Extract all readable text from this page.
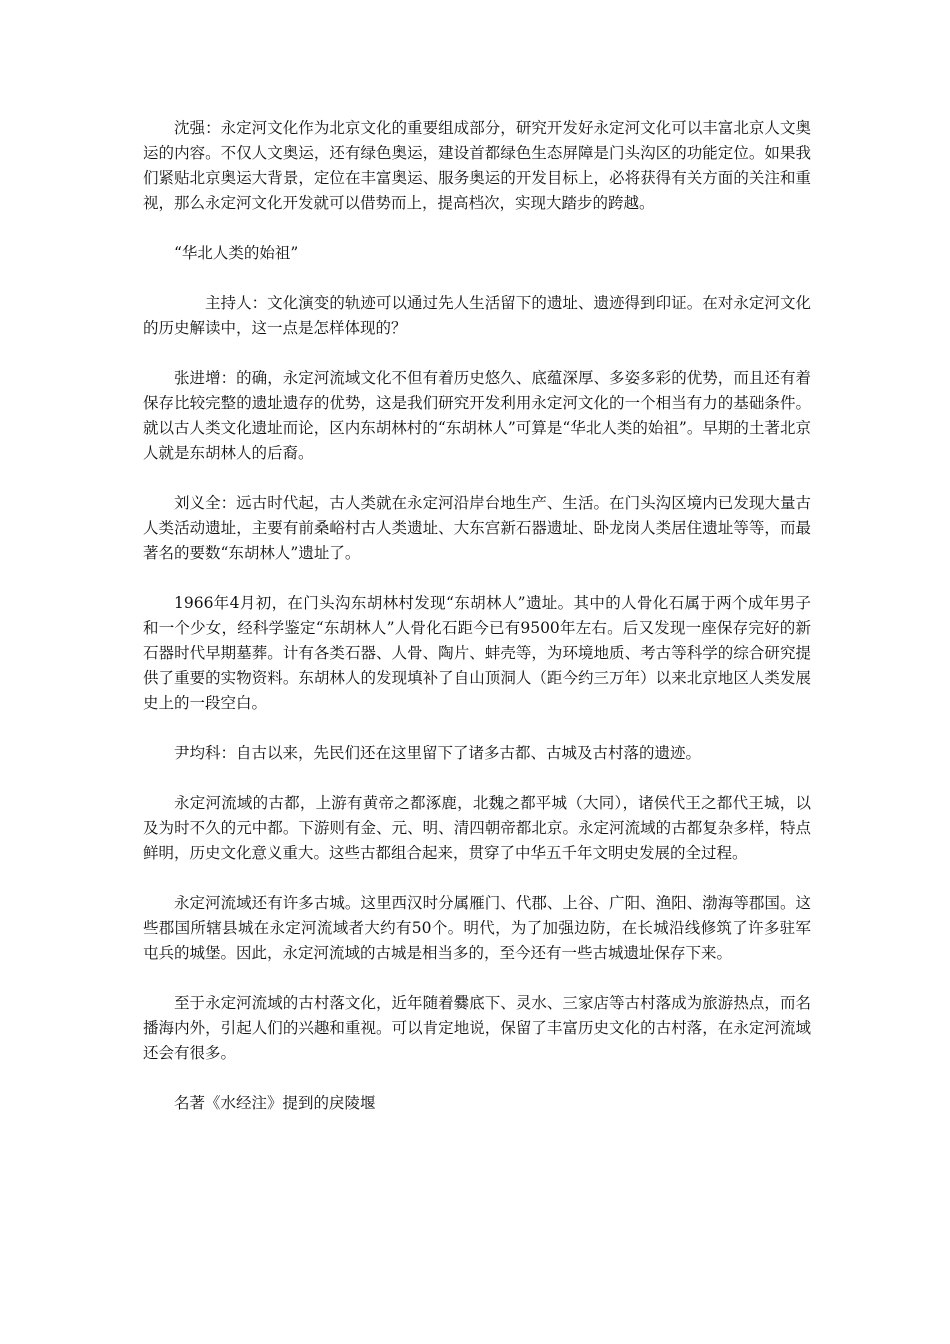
沈强：永定河文化作为北京文化的重要组成部分，研究开发好永定河文化可以丰富北京人文奥运的内容。不仅人文奥运，还有绿色奥运，建设首都绿色生态屏障是门头沟区的功能定位。如果我们紧贴北京奥运大背景，定位在丰富奥运、服务奥运的开发目标上，必将获得有关方面的关注和重视，那么永定河文化开发就可以借势而上，提高档次，实现大踏步的跨越。

“华北人类的始祖”

主持人：文化演变的轨迹可以通过先人生活留下的遗址、遗迹得到印证。在对永定河文化的历史解读中，这一点是怎样体现的？

张进增：的确，永定河流域文化不但有着历史悠久、底蕴深厚、多姿多彩的优势，而且还有着保存比较完整的遗址遗存的优势，这是我们研究开发利用永定河文化的一个相当有力的基础条件。就以古人类文化遗址而论，区内东胡林村的“东胡林人”可算是“华北人类的始祖”。早期的土著北京人就是东胡林人的后裔。

刘义全：远古时代起，古人类就在永定河沿岸台地生产、生活。在门头沟区境内已发现大量古人类活动遗址，主要有前桑峪村古人类遗址、大东宫新石器遗址、卧龙岗人类居住遗址等等，而最著名的要数“东胡林人”遗址了。

1966年4月初，在门头沟东胡林村发现“东胡林人”遗址。其中的人骨化石属于两个成年男子和一个少女，经科学鉴定“东胡林人”人骨化石距今已有9500年左右。后又发现一座保存完好的新石器时代早期墓葬。计有各类石器、人骨、陶片、蚌壳等，为环境地质、考古等科学的综合研究提供了重要的实物资料。东胡林人的发现填补了自山顶洞人（距今约三万年）以来北京地区人类发展史上的一段空白。

尹均科：自古以来，先民们还在这里留下了诸多古都、古城及古村落的遗迹。

永定河流域的古都，上游有黄帝之都涿鹿，北魏之都平城（大同），诸侯代王之都代王城，以及为时不久的元中都。下游则有金、元、明、清四朝帝都北京。永定河流域的古都复杂多样，特点鲜明，历史文化意义重大。这些古都组合起来，贯穿了中华五千年文明史发展的全过程。

永定河流域还有许多古城。这里西汉时分属雁门、代郡、上谷、广阳、渔阳、渤海等郡国。这些郡国所辖县城在永定河流域者大约有50个。明代，为了加强边防，在长城沿线修筑了许多驻军屯兵的城堡。因此，永定河流域的古城是相当多的，至今还有一些古城遗址保存下来。

至于永定河流域的古村落文化，近年随着爨底下、灵水、三家店等古村落成为旅游热点，而名播海内外，引起人们的兴趣和重视。可以肯定地说，保留了丰富历史文化的古村落，在永定河流域还会有很多。

名著《水经注》提到的戾陵堰
